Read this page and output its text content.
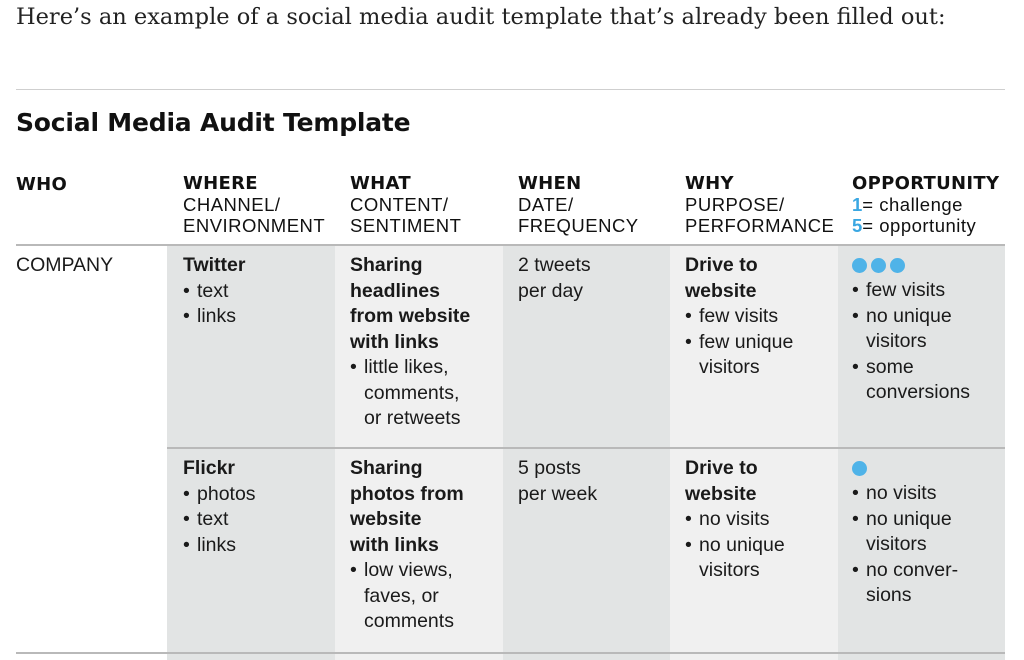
Here’s an example of a social media audit template that’s already been filled out:
Social Media Audit Template
WHO	WHERE
CHANNEL/
ENVIRONMENT
WHAT
CONTENT/
SENTIMENT
WHEN
DATE/
FREQUENCY
WHY
PURPOSE/
PERFORMANCE
OPPORTUNITY
1= challenge
5= opportunity
COMPANY	Twitter
• text
• links
Sharing
headlines
from website
with links
• little likes,
comments,
or retweets
2 tweets
per day
Drive to
website
• few visits
• few unique
visitors
• few visits
• no unique
visitors
• some
conversions
Flickr
• photos
• text
• links
Sharing
photos from
website
with links
• low views,
faves, or
comments
5 posts
per week
Drive to
website
• no visits
• no unique
visitors
• no visits
• no unique
visitors
• no conver-
sions
